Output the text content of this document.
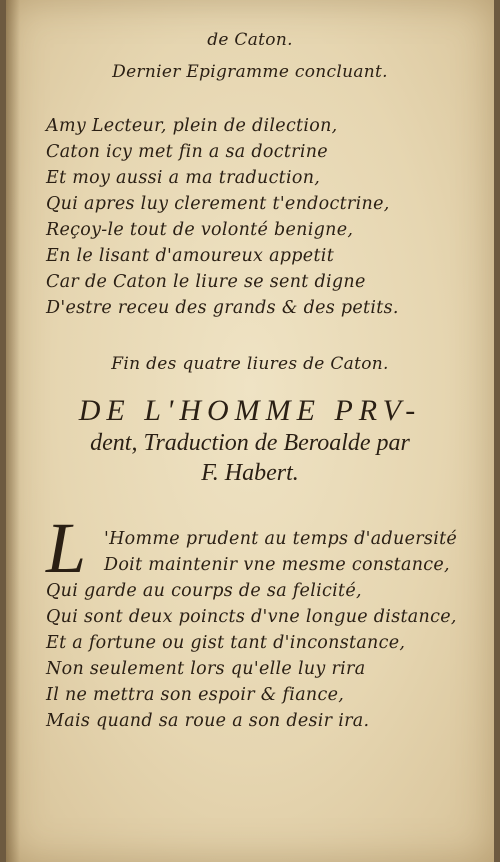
de Caton.
Dernier Epigramme concluant.
Amy Lecteur, plein de dilection,
Caton icy met fin a sa doctrine
Et moy aussi a ma traduction,
Qui apres luy clerement t'endoctrine,
Reçoy-le tout de volonté benigne,
En le lisant d'amoureux appetit
Car de Caton le liure se sent digne
D'estre receu des grands & des petits.
Fin des quatre liures de Caton.
DE L'HOMME PRV-
dent, Traduction de Beroalde par
F. Habert.
L	'Homme prudent au temps d'aduersité
Doit maintenir vne mesme constance,
Qui garde au courps de sa felicité,
Qui sont deux poincts d'vne longue distance,
Et a fortune ou gist tant d'inconstance,
Non seulement lors qu'elle luy rira
Il ne mettra son espoir & fiance,
Mais quand sa roue a son desir ira.
